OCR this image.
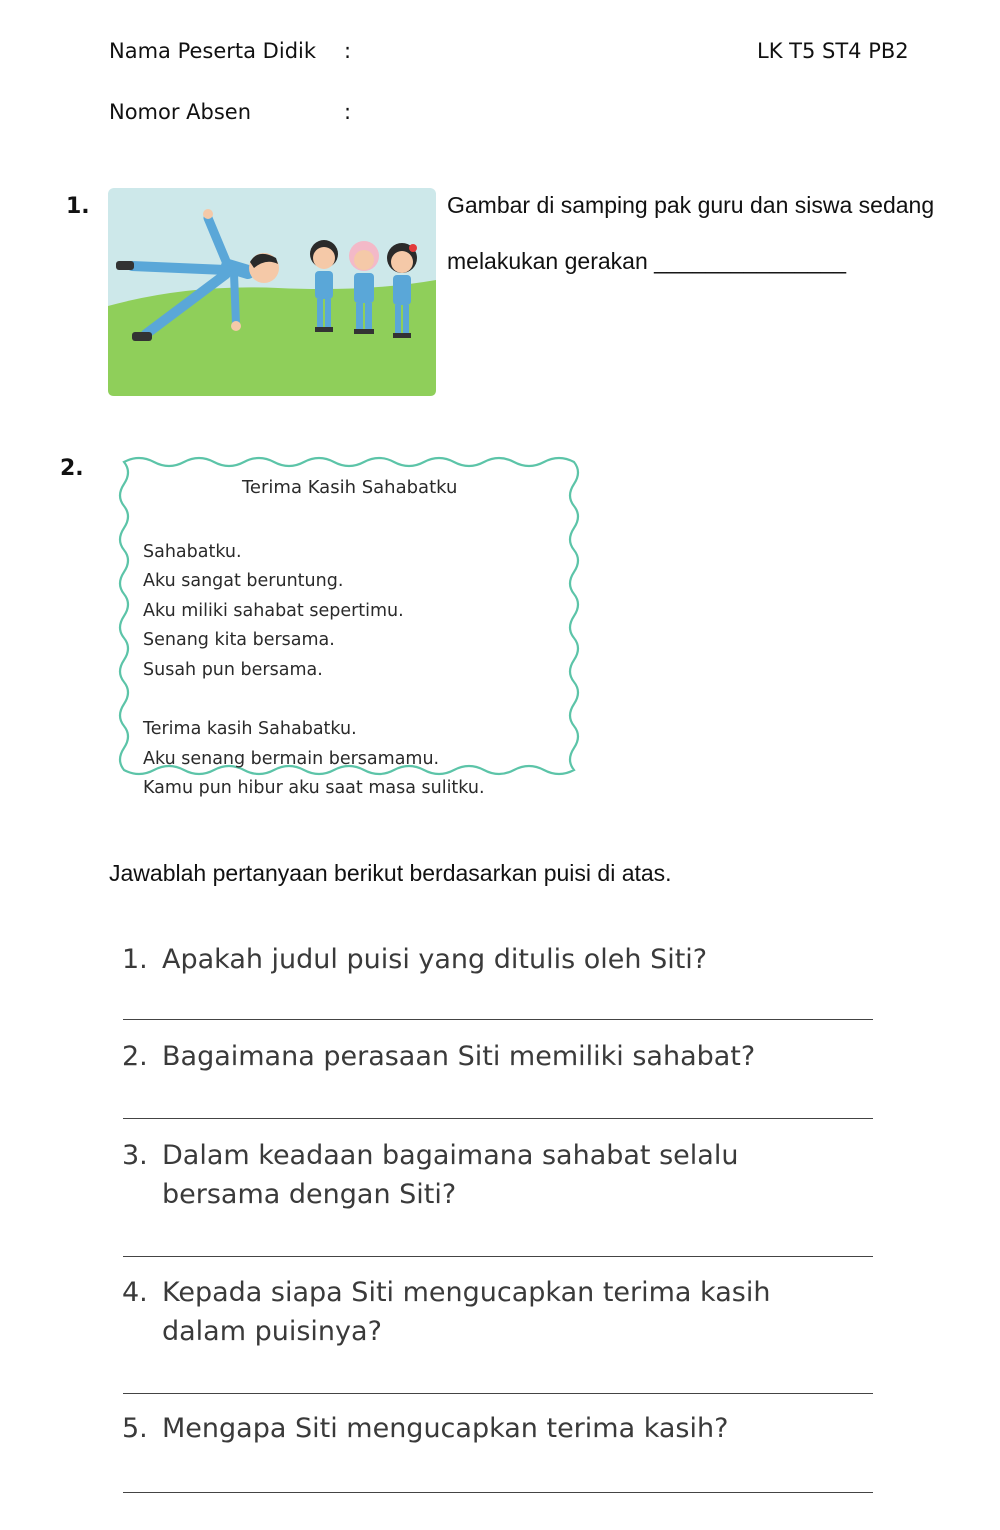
Nama Peserta Didik :	LK T5 ST4 PB2
Nomor Absen	:
1.	Gambar di samping pak guru dan siswa sedang
melakukan gerakan _______________
2.
Terima Kasih Sahabatku
Sahabatku.
Aku sangat beruntung.
Aku miliki sahabat sepertimu.
Senang kita bersama.
Susah pun bersama.
Terima kasih Sahabatku.
Aku senang bermain bersamamu.
Kamu pun hibur aku saat masa sulitku.
Jawablah pertanyaan berikut berdasarkan puisi di atas.
1. Apakah judul puisi yang ditulis oleh Siti?
2. Bagaimana perasaan Siti memiliki sahabat?
3. Dalam keadaan bagaimana sahabat selalu
bersama dengan Siti?
4. Kepada siapa Siti mengucapkan terima kasih
dalam puisinya?
5. Mengapa Siti mengucapkan terima kasih?
